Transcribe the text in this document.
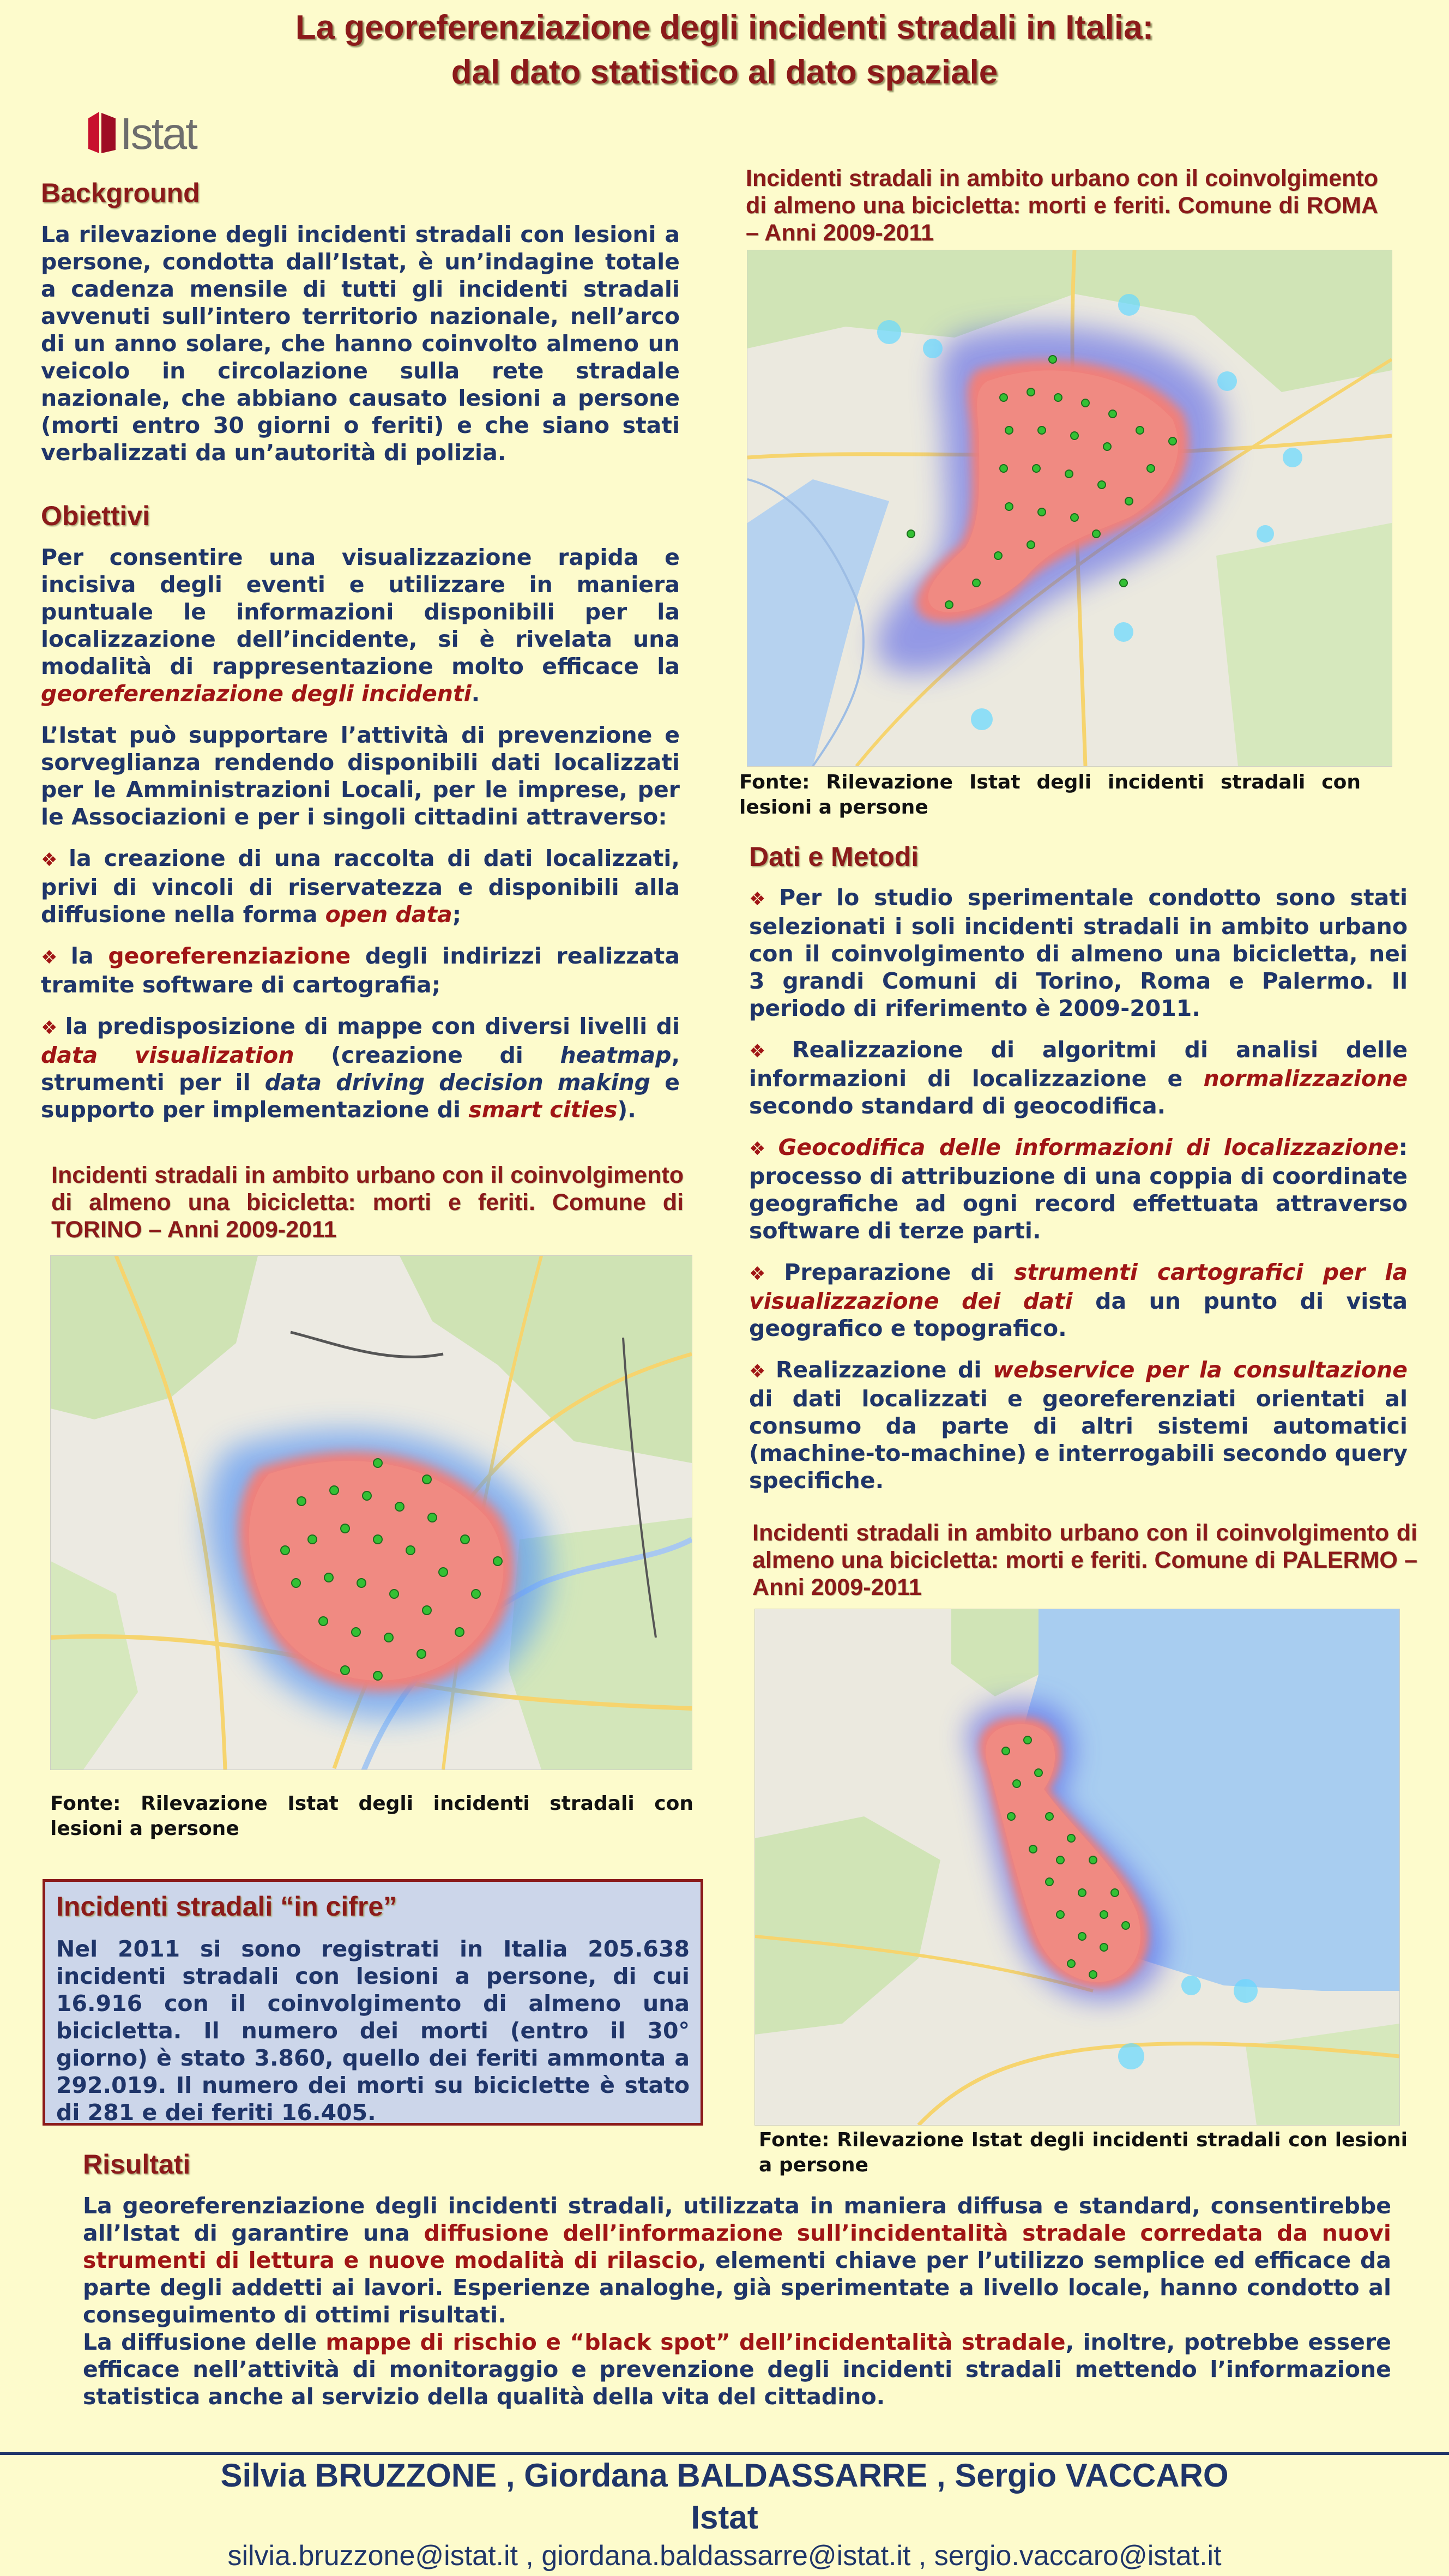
La georeferenziazione degli incidenti stradali in Italia:
dal dato statistico al dato spaziale
Istat
Background

La rilevazione degli incidenti stradali con lesioni a persone, condotta dall’Istat, è un’indagine totale a cadenza mensile di tutti gli incidenti stradali avvenuti sull’intero territorio nazionale, nell’arco di un anno solare, che hanno coinvolto almeno un veicolo in circolazione sulla rete stradale nazionale, che abbiano causato lesioni a persone (morti entro 30 giorni o feriti) e che siano stati verbalizzati da un’autorità di polizia.

Obiettivi

Per consentire una visualizzazione rapida e incisiva degli eventi e utilizzare in maniera puntuale le informazioni disponibili per la localizzazione dell’incidente, si è rivelata una modalità di rappresentazione molto efficace la georeferenziazione degli incidenti.

L’Istat può supportare l’attività di prevenzione e sorveglianza rendendo disponibili dati localizzati per le Amministrazioni Locali, per le imprese, per le Associazioni e per i singoli cittadini attraverso:

❖ la creazione di una raccolta di dati localizzati, privi di vincoli di riservatezza e disponibili alla diffusione nella forma open data;

❖ la georeferenziazione degli indirizzi realizzata tramite software di cartografia;

❖ la predisposizione di mappe con diversi livelli di data visualization (creazione di heatmap, strumenti per il data driving decision making e supporto per implementazione di smart cities).

Incidenti stradali in ambito urbano con il coinvolgimento di almeno una bicicletta: morti e feriti. Comune di TORINO – Anni 2009-2011
Fonte: Rilevazione Istat degli incidenti stradali con lesioni a persone
Incidenti stradali “in cifre”
Nel 2011 si sono registrati in Italia 205.638 incidenti stradali con lesioni a persone, di cui 16.916 con il coinvolgimento di almeno una bicicletta. Il numero dei morti (entro il 30° giorno) è stato 3.860, quello dei feriti ammonta a 292.019. Il numero dei morti su biciclette è stato di 281 e dei feriti 16.405.
Incidenti stradali in ambito urbano con il coinvolgimento di almeno una bicicletta: morti e feriti. Comune di ROMA – Anni 2009-2011
Fonte: Rilevazione Istat degli incidenti stradali con lesioni a persone
Dati e Metodi

❖ Per lo studio sperimentale condotto sono stati selezionati i soli incidenti stradali in ambito urbano con il coinvolgimento di almeno una bicicletta, nei 3 grandi Comuni di Torino, Roma e Palermo. Il periodo di riferimento è 2009-2011.

❖ Realizzazione di algoritmi di analisi delle informazioni di localizzazione e normalizzazione secondo standard di geocodifica.

❖ Geocodifica delle informazioni di localizzazione: processo di attribuzione di una coppia di coordinate geografiche ad ogni record effettuata attraverso software di terze parti.

❖ Preparazione di strumenti cartografici per la visualizzazione dei dati da un punto di vista geografico e topografico.

❖ Realizzazione di webservice per la consultazione di dati localizzati e georeferenziati orientati al consumo da parte di altri sistemi automatici (machine-to-machine) e interrogabili secondo query specifiche.

Incidenti stradali in ambito urbano con il coinvolgimento di almeno una bicicletta: morti e feriti. Comune di PALERMO – Anni 2009-2011
Fonte: Rilevazione Istat degli incidenti stradali con lesioni a persone
Risultati

La georeferenziazione degli incidenti stradali, utilizzata in maniera diffusa e standard, consentirebbe all’Istat di garantire una diffusione dell’informazione sull’incidentalità stradale corredata da nuovi strumenti di lettura e nuove modalità di rilascio, elementi chiave per l’utilizzo semplice ed efficace da parte degli addetti ai lavori. Esperienze analoghe, già sperimentate a livello locale, hanno condotto al conseguimento di ottimi risultati.

La diffusione delle mappe di rischio e “black spot” dell’incidentalità stradale, inoltre, potrebbe essere efficace nell’attività di monitoraggio e prevenzione degli incidenti stradali mettendo l’informazione statistica anche al servizio della qualità della vita del cittadino.

Silvia BRUZZONE , Giordana BALDASSARRE , Sergio VACCARO
Istat
silvia.bruzzone@istat.it , giordana.baldassarre@istat.it , sergio.vaccaro@istat.it
